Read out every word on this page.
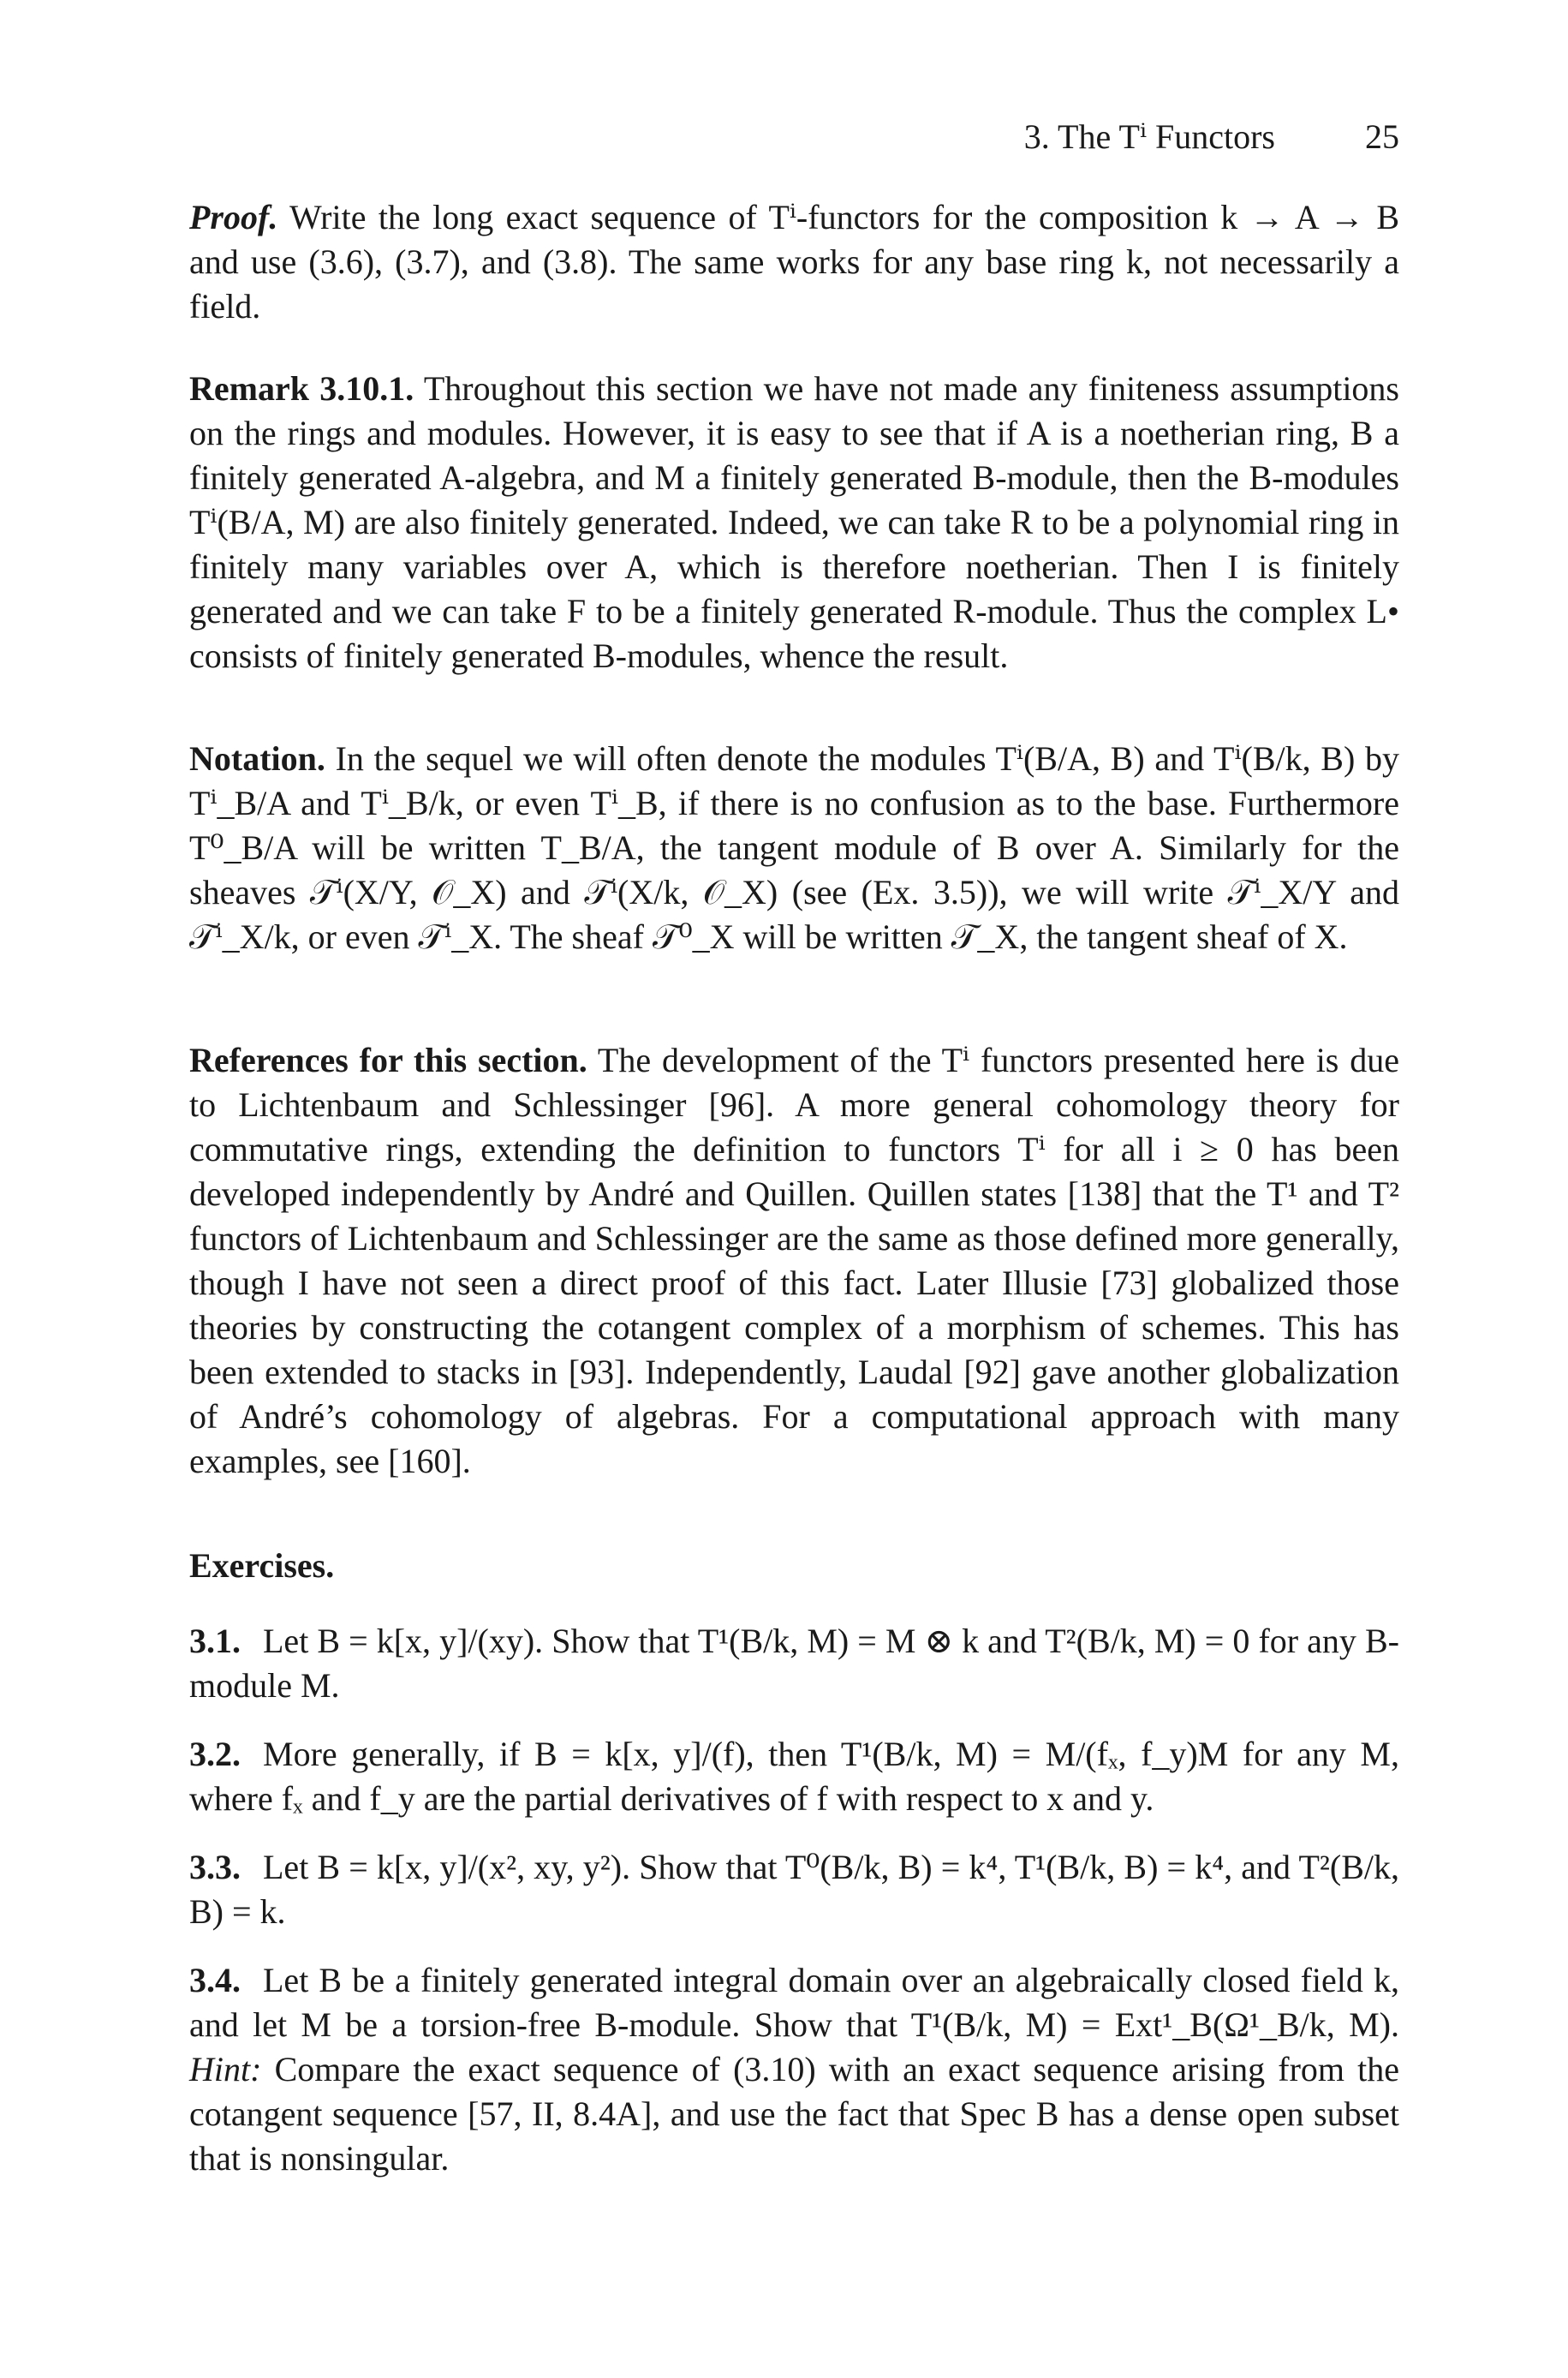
3. The Tⁱ Functors	25

Proof. Write the long exact sequence of Tⁱ-functors for the composition k → A → B and use (3.6), (3.7), and (3.8). The same works for any base ring k, not necessarily a field.

Remark 3.10.1. Throughout this section we have not made any finiteness assumptions on the rings and modules. However, it is easy to see that if A is a noetherian ring, B a finitely generated A-algebra, and M a finitely generated B-module, then the B-modules Tⁱ(B/A, M) are also finitely generated. Indeed, we can take R to be a polynomial ring in finitely many variables over A, which is therefore noetherian. Then I is finitely generated and we can take F to be a finitely generated R-module. Thus the complex L• consists of finitely generated B-modules, whence the result.

Notation. In the sequel we will often denote the modules Tⁱ(B/A, B) and Tⁱ(B/k, B) by Tⁱ_B/A and Tⁱ_B/k, or even Tⁱ_B, if there is no confusion as to the base. Furthermore T⁰_B/A will be written T_B/A, the tangent module of B over A. Similarly for the sheaves 𝒯ⁱ(X/Y, 𝒪_X) and 𝒯ⁱ(X/k, 𝒪_X) (see (Ex. 3.5)), we will write 𝒯ⁱ_X/Y and 𝒯ⁱ_X/k, or even 𝒯ⁱ_X. The sheaf 𝒯⁰_X will be written 𝒯_X, the tangent sheaf of X.

References for this section. The development of the Tⁱ functors presented here is due to Lichtenbaum and Schlessinger [96]. A more general cohomology theory for commutative rings, extending the definition to functors Tⁱ for all i ≥ 0 has been developed independently by André and Quillen. Quillen states [138] that the T¹ and T² functors of Lichtenbaum and Schlessinger are the same as those defined more generally, though I have not seen a direct proof of this fact. Later Illusie [73] globalized those theories by constructing the cotangent complex of a morphism of schemes. This has been extended to stacks in [93]. Independently, Laudal [92] gave another globalization of André’s cohomology of algebras. For a computational approach with many examples, see [160].

Exercises.

3.1. Let B = k[x, y]/(xy). Show that T¹(B/k, M) = M ⊗ k and T²(B/k, M) = 0 for any B-module M.

3.2. More generally, if B = k[x, y]/(f), then T¹(B/k, M) = M/(fₓ, f_y)M for any M, where fₓ and f_y are the partial derivatives of f with respect to x and y.

3.3. Let B = k[x, y]/(x², xy, y²). Show that T⁰(B/k, B) = k⁴, T¹(B/k, B) = k⁴, and T²(B/k, B) = k.

3.4. Let B be a finitely generated integral domain over an algebraically closed field k, and let M be a torsion-free B-module. Show that T¹(B/k, M) = Ext¹_B(Ω¹_B/k, M). Hint: Compare the exact sequence of (3.10) with an exact sequence arising from the cotangent sequence [57, II, 8.4A], and use the fact that Spec B has a dense open subset that is nonsingular.
